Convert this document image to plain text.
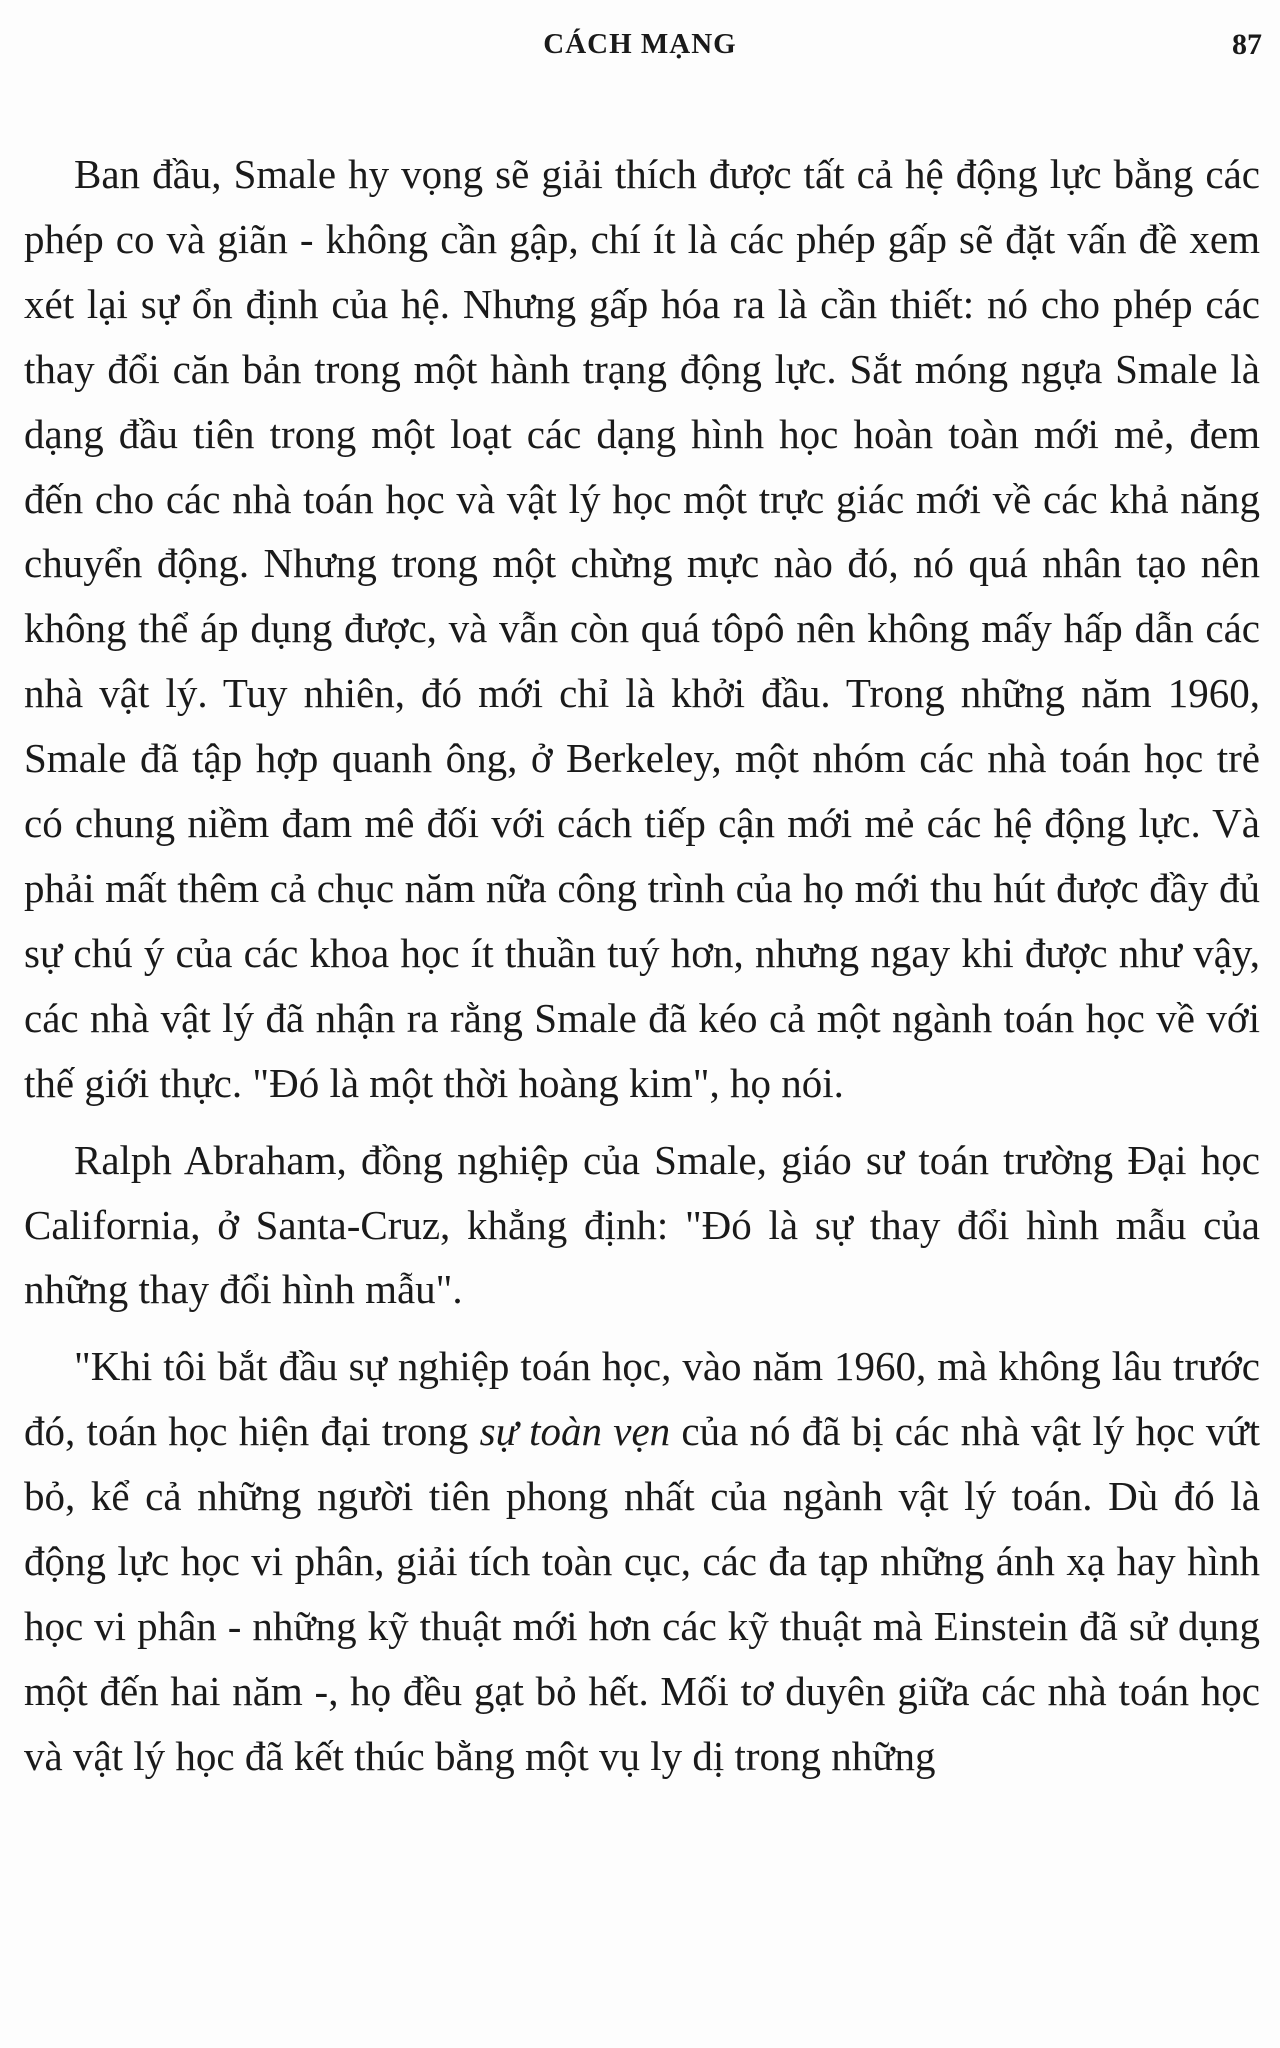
CÁCH MẠNG	87

Ban đầu, Smale hy vọng sẽ giải thích được tất cả hệ động lực bằng các phép co và giãn - không cần gập, chí ít là các phép gấp sẽ đặt vấn đề xem xét lại sự ổn định của hệ. Nhưng gấp hóa ra là cần thiết: nó cho phép các thay đổi căn bản trong một hành trạng động lực. Sắt móng ngựa Smale là dạng đầu tiên trong một loạt các dạng hình học hoàn toàn mới mẻ, đem đến cho các nhà toán học và vật lý học một trực giác mới về các khả năng chuyển động. Nhưng trong một chừng mực nào đó, nó quá nhân tạo nên không thể áp dụng được, và vẫn còn quá tôpô nên không mấy hấp dẫn các nhà vật lý. Tuy nhiên, đó mới chỉ là khởi đầu. Trong những năm 1960, Smale đã tập hợp quanh ông, ở Berkeley, một nhóm các nhà toán học trẻ có chung niềm đam mê đối với cách tiếp cận mới mẻ các hệ động lực. Và phải mất thêm cả chục năm nữa công trình của họ mới thu hút được đầy đủ sự chú ý của các khoa học ít thuần tuý hơn, nhưng ngay khi được như vậy, các nhà vật lý đã nhận ra rằng Smale đã kéo cả một ngành toán học về với thế giới thực. "Đó là một thời hoàng kim", họ nói.

Ralph Abraham, đồng nghiệp của Smale, giáo sư toán trường Đại học California, ở Santa-Cruz, khẳng định: "Đó là sự thay đổi hình mẫu của những thay đổi hình mẫu".

"Khi tôi bắt đầu sự nghiệp toán học, vào năm 1960, mà không lâu trước đó, toán học hiện đại trong sự toàn vẹn của nó đã bị các nhà vật lý học vứt bỏ, kể cả những người tiên phong nhất của ngành vật lý toán. Dù đó là động lực học vi phân, giải tích toàn cục, các đa tạp những ánh xạ hay hình học vi phân - những kỹ thuật mới hơn các kỹ thuật mà Einstein đã sử dụng một đến hai năm -, họ đều gạt bỏ hết. Mối tơ duyên giữa các nhà toán học và vật lý học đã kết thúc bằng một vụ ly dị trong những
